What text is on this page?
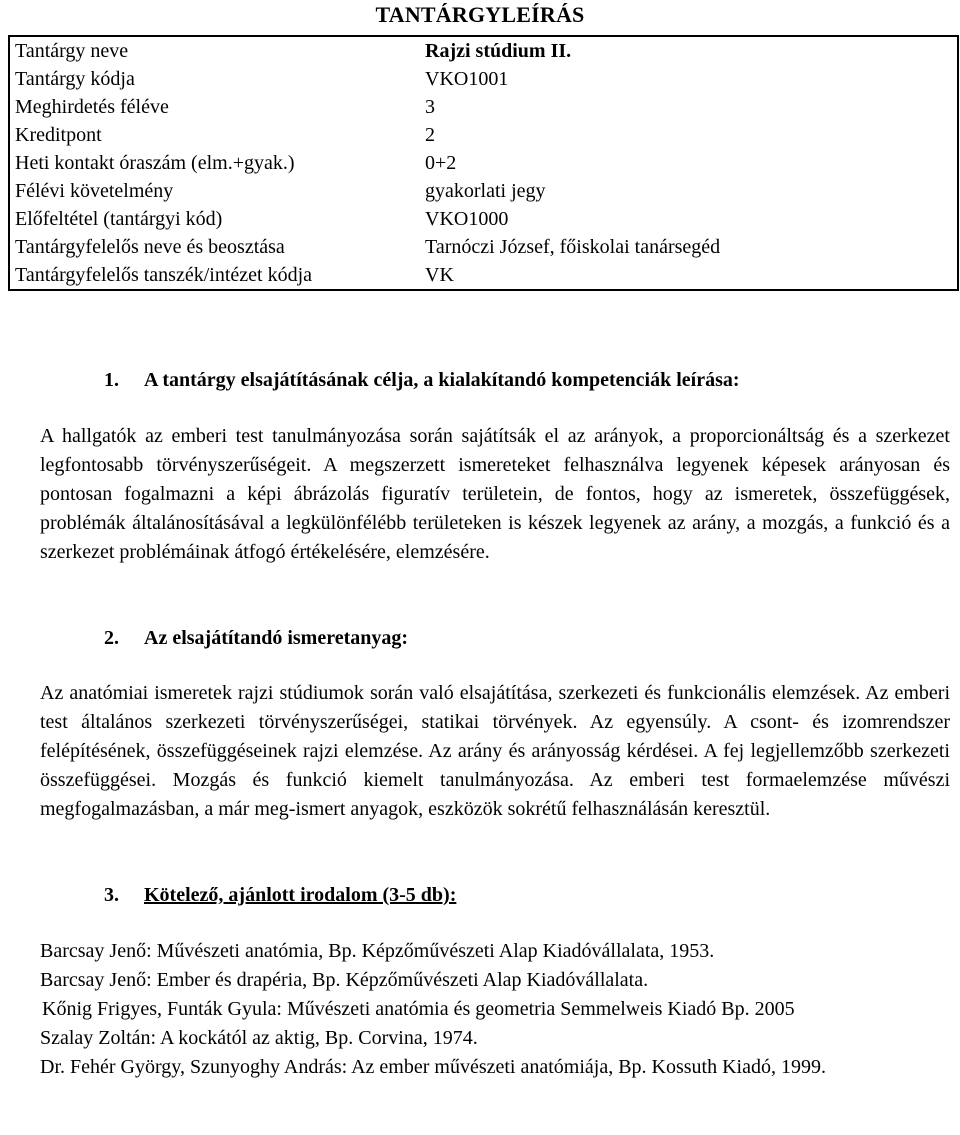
TANTÁRGYLEÍRÁS
Tantárgy neve	Rajzi stúdium II.
Tantárgy kódja	VKO1001
Meghirdetés féléve	3
Kreditpont	2
Heti kontakt óraszám (elm.+gyak.)	0+2
Félévi követelmény	gyakorlati jegy
Előfeltétel (tantárgyi kód)	VKO1000
Tantárgyfelelős neve és beosztása	Tarnóczi József, főiskolai tanársegéd
Tantárgyfelelős tanszék/intézet kódja	VK
1. A tantárgy elsajátításának célja, a kialakítandó kompetenciák leírása:
A hallgatók az emberi test tanulmányozása során sajátítsák el az arányok, a proporcionáltság és a szerkezet legfontosabb törvényszerűségeit. A megszerzett ismereteket felhasználva legyenek képesek arányosan és pontosan fogalmazni a képi ábrázolás figuratív területein, de fontos, hogy az ismeretek, összefüggések, problémák általánosításával a legkülönfélébb területeken is készek legyenek az arány, a mozgás, a funkció és a szerkezet problémáinak átfogó értékelésére, elemzésére.
2. Az elsajátítandó ismeretanyag:
Az anatómiai ismeretek rajzi stúdiumok során való elsajátítása, szerkezeti és funkcionális elemzések. Az emberi test általános szerkezeti törvényszerűségei, statikai törvények. Az egyensúly. A csont- és izomrendszer felépítésének, összefüggéseinek rajzi elemzése. Az arány és arányosság kérdései. A fej legjellemzőbb szerkezeti összefüggései. Mozgás és funkció kiemelt tanulmányozása. Az emberi test formaelemzése művészi megfogalmazásban, a már meg-ismert anyagok, eszközök sokrétű felhasználásán keresztül.
3. Kötelező, ajánlott irodalom (3-5 db):
Barcsay Jenő: Művészeti anatómia, Bp. Képzőművészeti Alap Kiadóvállalata, 1953.
Barcsay Jenő: Ember és drapéria, Bp. Képzőművészeti Alap Kiadóvállalata.
Kőnig Frigyes, Funták Gyula: Művészeti anatómia és geometria Semmelweis Kiadó Bp. 2005
Szalay Zoltán: A kockától az aktig, Bp. Corvina, 1974.
Dr. Fehér György, Szunyoghy András: Az ember művészeti anatómiája, Bp. Kossuth Kiadó, 1999.
